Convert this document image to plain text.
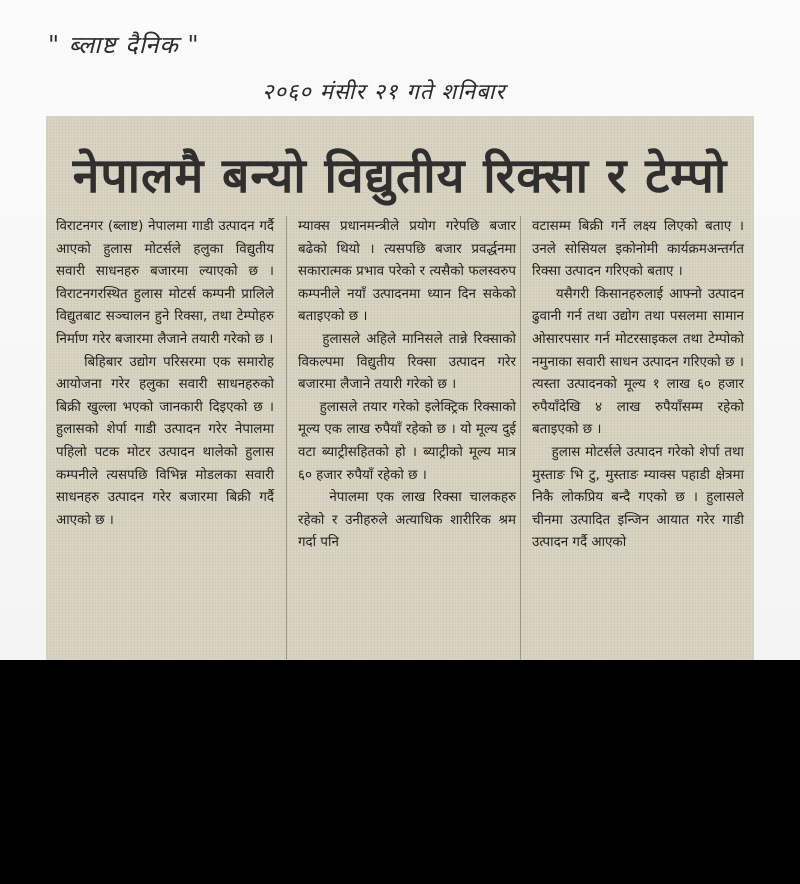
" ब्लाष्ट दैनिक "
२०६० मंसीर २१ गते शनिबार
नेपालमै बन्यो विद्युतीय रिक्सा र टेम्पो
विराटनगर (ब्लाष्ट) नेपालमा गाडी उत्पादन गर्दै आएको हुलास मोटर्सले हलुका विद्युतीय सवारी साधनहरु बजारमा ल्याएको छ । विराटनगरस्थित हुलास मोटर्स कम्पनी प्रालिले विद्युतबाट सञ्चालन हुने रिक्सा, तथा टेम्पोहरु निर्माण गरेर बजारमा लैजाने तयारी गरेको छ ।
बिहिबार उद्योग परिसरमा एक समारोह आयोजना गरेर हलुका सवारी साधनहरुको बिक्री खुल्ला भएको जानकारी दिइएको छ । हुलासको शेर्पा गाडी उत्पादन गरेर नेपालमा पहिलो पटक मोटर उत्पादन थालेको हुलास कम्पनीले त्यसपछि विभिन्न मोडलका सवारी साधनहरु उत्पादन गरेर बजारमा बिक्री गर्दै आएको छ ।
म्याक्स प्रधानमन्त्रीले प्रयोग गरेपछि बजार बढेको थियो । त्यसपछि बजार प्रवर्द्धनमा सकारात्मक प्रभाव परेको र त्यसैको फलस्वरुप कम्पनीले नयाँ उत्पादनमा ध्यान दिन सकेको बताइएको छ ।
हुलासले अहिले मानिसले तान्ने रिक्साको विकल्पमा विद्युतीय रिक्सा उत्पादन गरेर बजारमा लैजाने तयारी गरेको छ ।
हुलासले तयार गरेको इलेक्ट्रिक रिक्साको मूल्य एक लाख रुपैयाँ रहेको छ । यो मूल्य दुई वटा ब्याट्रीसहितको हो । ब्याट्रीको मूल्य मात्र ६० हजार रुपैयाँ रहेको छ ।
नेपालमा एक लाख रिक्सा चालकहरु रहेको र उनीहरुले अत्याधिक शारीरिक श्रम गर्दा पनि
वटासम्म बिक्री गर्ने लक्ष्य लिएको बताए । उनले सोसियल इकोनोमी कार्यक्रमअन्तर्गत रिक्सा उत्पादन गरिएको बताए ।
यसैगरी किसानहरुलाई आफ्नो उत्पादन ढुवानी गर्न तथा उद्योग तथा पसलमा सामान ओसारपसार गर्न मोटरसाइकल तथा टेम्पोको नमुनाका सवारी साधन उत्पादन गरिएको छ । त्यस्ता उत्पादनको मूल्य १ लाख ६० हजार रुपैयाँदेखि ४ लाख रुपैयाँसम्म रहेको बताइएको छ ।
हुलास मोटर्सले उत्पादन गरेको शेर्पा तथा मुस्ताङ भि टु, मुस्ताङ म्याक्स पहाडी क्षेत्रमा निकै लोकप्रिय बन्दै गएको छ । हुलासले चीनमा उत्पादित इन्जिन आयात गरेर गाडी उत्पादन गर्दै आएको
